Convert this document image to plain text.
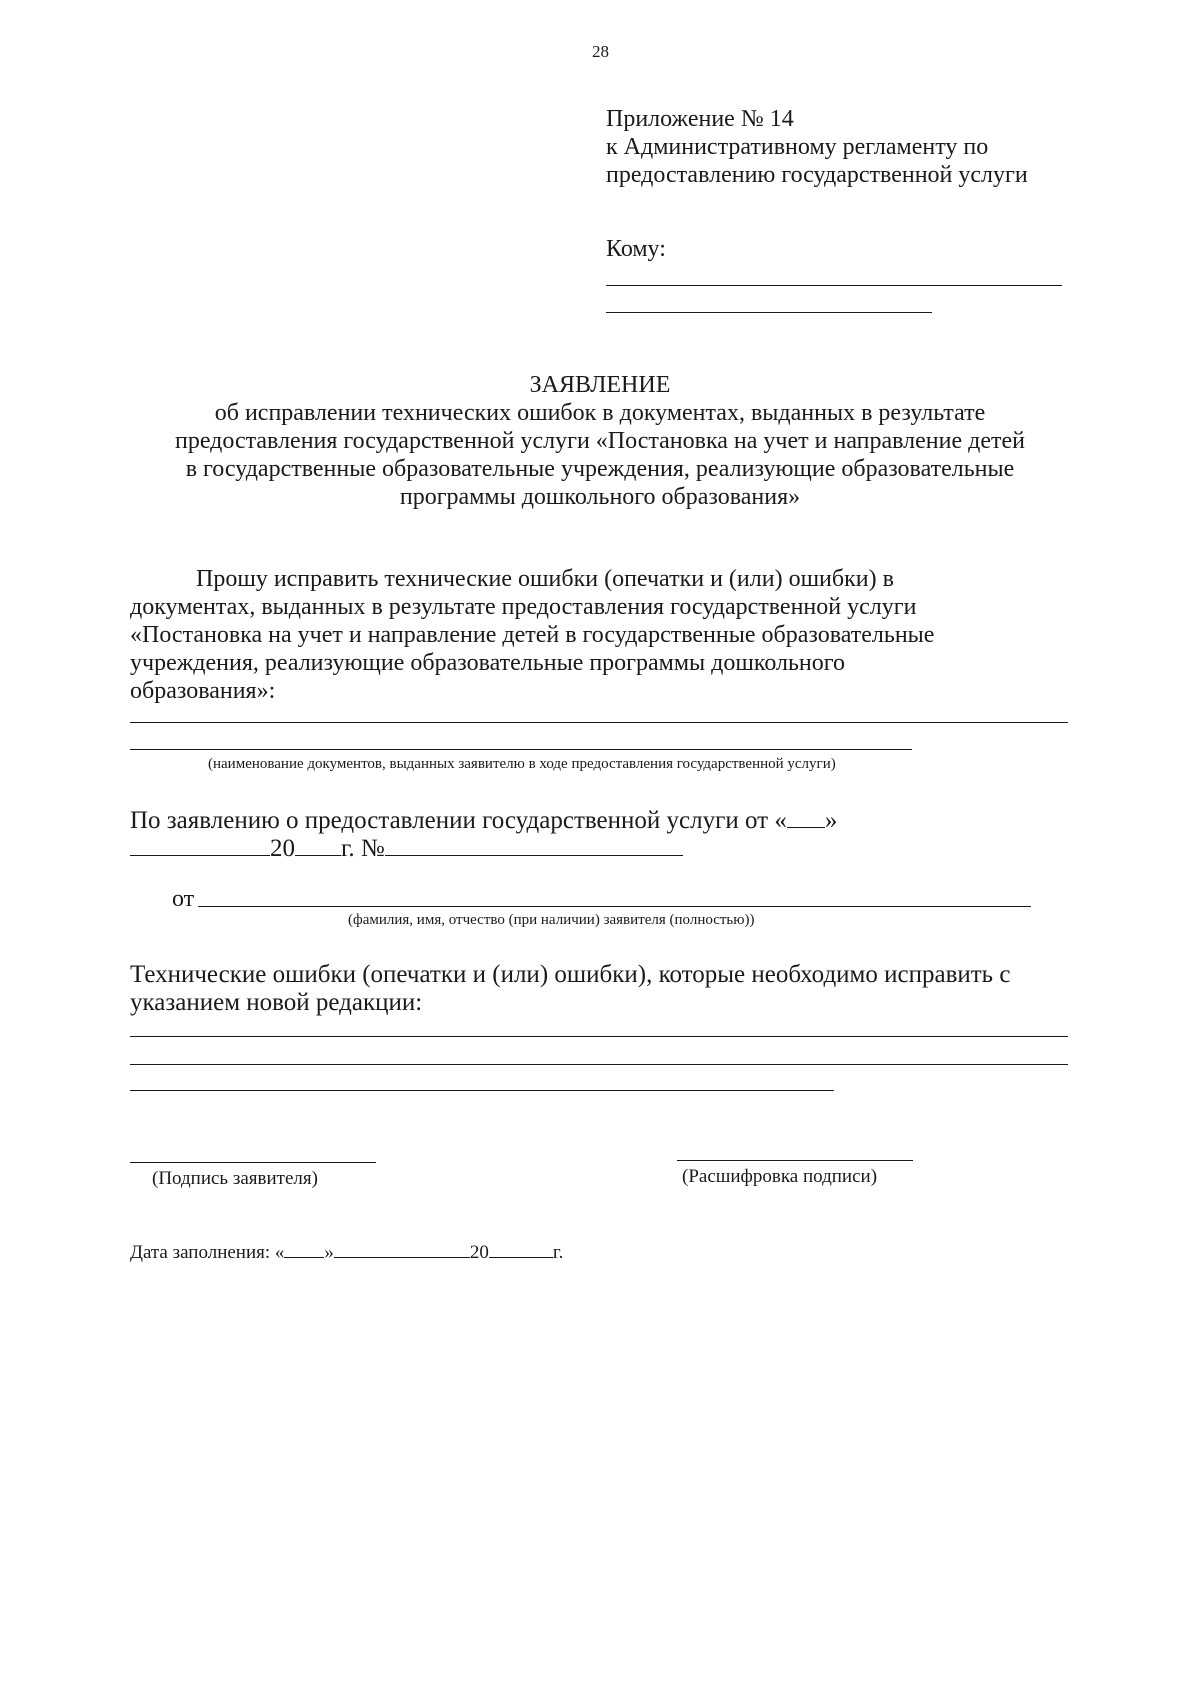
28
Приложение № 14
к Административному регламенту по
предоставлению государственной услуги
Кому:
ЗАЯВЛЕНИЕ
об исправлении технических ошибок в документах, выданных в результате
предоставления государственной услуги «Постановка на учет и направление детей
в государственные образовательные учреждения, реализующие образовательные
программы дошкольного образования»
Прошу исправить технические ошибки (опечатки и (или) ошибки) в
документах, выданных в результате предоставления государственной услуги
«Постановка на учет и направление детей в государственные образовательные
учреждения, реализующие образовательные программы дошкольного
образования»:
(наименование документов, выданных заявителю в ходе предоставления государственной услуги)
По заявлению о предоставлении государственной услуги от « »
20 г. №
от
(фамилия, имя, отчество (при наличии) заявителя (полностью))
Технические ошибки (опечатки и (или) ошибки), которые необходимо исправить с
указанием новой редакции:
(Подпись заявителя)	(Расшифровка подписи)
Дата заполнения: « »	20	г.
